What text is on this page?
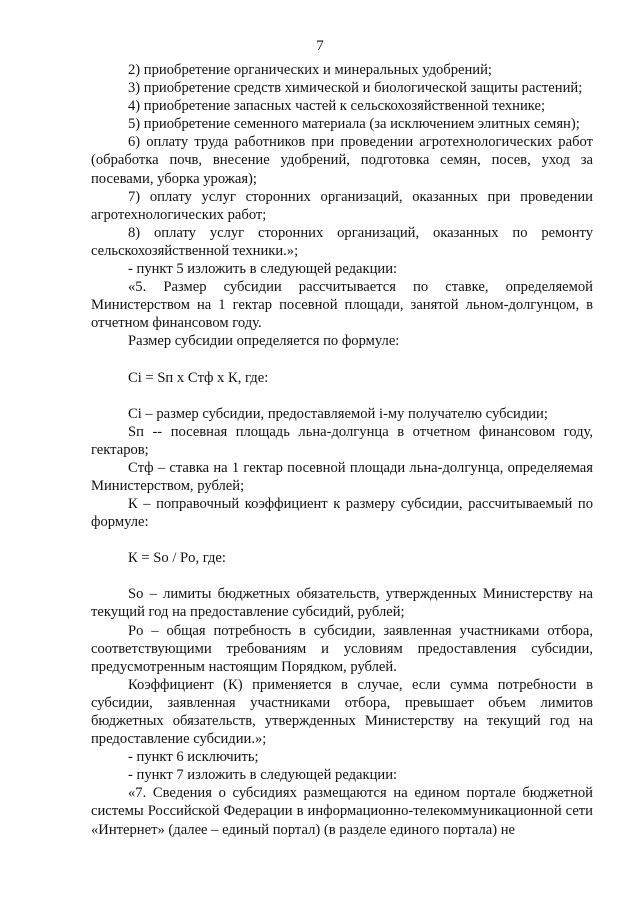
7

2) приобретение органических и минеральных удобрений;

3) приобретение средств химической и биологической защиты растений;

4) приобретение запасных частей к сельскохозяйственной технике;

5) приобретение семенного материала (за исключением элитных семян);

6) оплату труда работников при проведении агротехнологических работ (обработка почв, внесение удобрений, подготовка семян, посев, уход за посевами, уборка урожая);

7) оплату услуг сторонних организаций, оказанных при проведении агротехнологических работ;

8) оплату услуг сторонних организаций, оказанных по ремонту сельскохозяйственной техники.»;

- пункт 5 изложить в следующей редакции:

«5. Размер субсидии рассчитывается по ставке, определяемой Министерством на 1 гектар посевной площади, занятой льном-долгунцом, в отчетном финансовом году.

Размер субсидии определяется по формуле:

Ci = Sп x Cтф x К, где:

Ci – размер субсидии, предоставляемой i-му получателю субсидии;

Sп -- посевная площадь льна-долгунца в отчетном финансовом году, гектаров;

Cтф – ставка на 1 гектар посевной площади льна-долгунца, определяемая Министерством, рублей;

К – поправочный коэффициент к размеру субсидии, рассчитываемый по формуле:

К = Sо / Pо, где:

Sо – лимиты бюджетных обязательств, утвержденных Министерству на текущий год на предоставление субсидий, рублей;

Pо – общая потребность в субсидии, заявленная участниками отбора, соответствующими требованиям и условиям предоставления субсидии, предусмотренным настоящим Порядком, рублей.

Коэффициент (К) применяется в случае, если сумма потребности в субсидии, заявленная участниками отбора, превышает объем лимитов бюджетных обязательств, утвержденных Министерству на текущий год на предоставление субсидии.»;

- пункт 6 исключить;

- пункт 7 изложить в следующей редакции:

«7. Сведения о субсидиях размещаются на едином портале бюджетной системы Российской Федерации в информационно-телекоммуникационной сети «Интернет» (далее – единый портал) (в разделе единого портала) не
